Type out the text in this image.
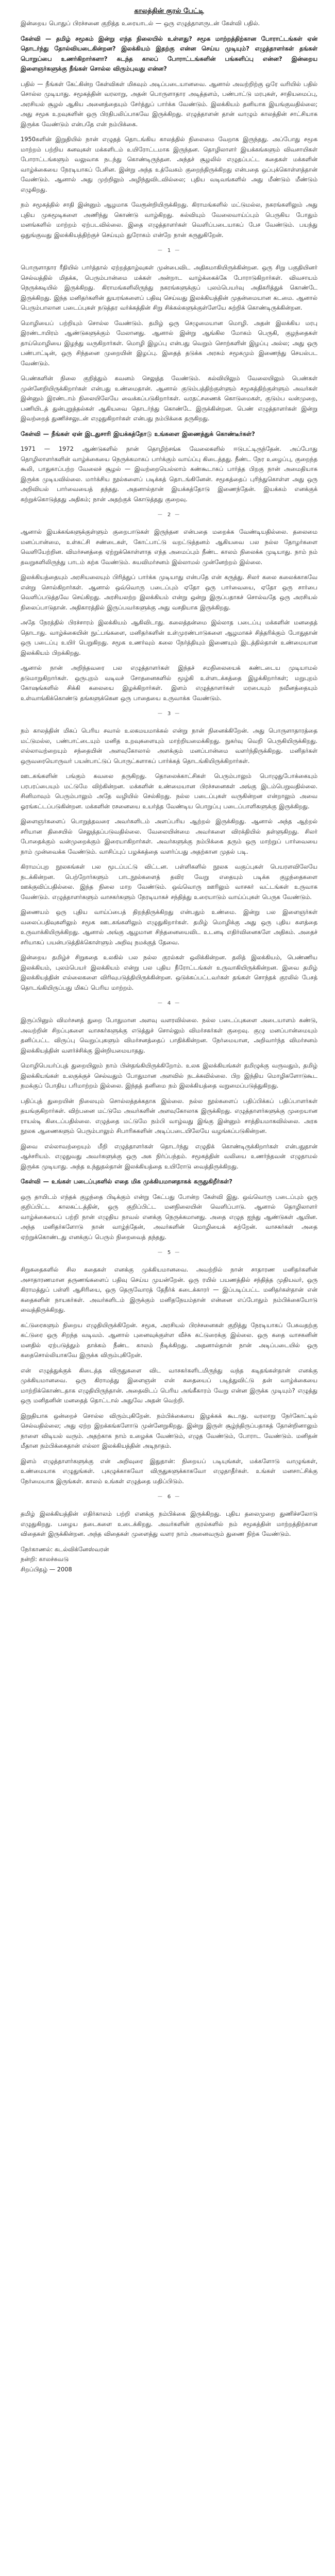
காலத்தின் குரல் பேட்டி

இன்றைய பொதுப் பிரச்சனை குறித்த உரையாடல் — ஒரு எழுத்தாளருடன் கேள்வி பதில்.

கேள்வி — தமிழ் சமூகம் இன்று எந்த நிலையில் உள்ளது? சமூக மாற்றத்திற்கான போராட்டங்கள் ஏன் தொடர்ந்து தோல்வியடைகின்றன? இலக்கியம் இதற்கு என்ன செய்ய முடியும்? எழுத்தாளர்கள் தங்கள் பொறுப்பை உணர்கிறார்களா? கடந்த காலப் போராட்டங்களின் பங்களிப்பு என்ன? இன்றைய இளைஞர்களுக்கு நீங்கள் சொல்ல விரும்புவது என்ன?

பதில் — நீங்கள் கேட்கின்ற கேள்விகள் மிகவும் அடிப்படையானவை. ஆனால் அவற்றிற்கு ஒரே வரியில் பதில் சொல்ல முடியாது. சமூகத்தின் வரலாறு, அதன் பொருளாதார அடித்தளம், பண்பாட்டு மரபுகள், சாதியமைப்பு, அரசியல் சூழல் ஆகிய அனைத்தையும் சேர்த்துப் பார்க்க வேண்டும். இலக்கியம் தனியாக இயங்குவதில்லை; அது சமூக உறவுகளின் ஒரு பிரதிபலிப்பாகவே இருக்கிறது. எழுத்தாளன் தான் வாழும் காலத்தின் சாட்சியாக இருக்க வேண்டும் என்பதே என் நம்பிக்கை.

1950களின் இறுதியில் நான் எழுதத் தொடங்கிய காலத்தில் நிலைமை வேறாக இருந்தது. அப்போது சமூக மாற்றம் பற்றிய கனவுகள் மக்களிடம் உயிரோட்டமாக இருந்தன. தொழிலாளர் இயக்கங்களும் விவசாயிகள் போராட்டங்களும் வலுவாக நடந்து கொண்டிருந்தன. அந்தச் சூழலில் எழுதப்பட்ட கதைகள் மக்களின் வாழ்க்கையை நேரடியாகப் பேசின. இன்று அந்த உத்வேகம் குறைந்திருக்கிறது என்பதை ஒப்புக்கொள்ளத்தான் வேண்டும். ஆனால் அது முற்றிலும் அழிந்துவிடவில்லை; புதிய வடிவங்களில் அது மீண்டும் மீண்டும் எழுகிறது.

நம் சமூகத்தில் சாதி இன்னும் ஆழமாக வேரூன்றியிருக்கிறது. கிராமங்களில் மட்டுமல்ல, நகரங்களிலும் அது புதிய முகமூடிகளை அணிந்து கொண்டு வாழ்கிறது. கல்வியும் வேலைவாய்ப்பும் பெருகிய போதும் மனங்களில் மாற்றம் ஏற்படவில்லை. இதை எழுத்தாளர்கள் வெளிப்படையாகப் பேச வேண்டும். பயந்து ஒதுங்குவது இலக்கியத்திற்குச் செய்யும் துரோகம் என்றே நான் கருதுகிறேன்.

— 1 —

பொருளாதார ரீதியில் பார்த்தால் ஏற்றத்தாழ்வுகள் முன்பைவிட அதிகமாகியிருக்கின்றன. ஒரு சிறு பகுதியினர் செல்வத்தில் மிதக்க, பெரும்பான்மை மக்கள் அன்றாட வாழ்க்கைக்கே போராடுகிறார்கள். விவசாயம் நெருக்கடியில் இருக்கிறது. கிராமங்களிலிருந்து நகரங்களுக்குப் புலம்பெயர்வு அதிகரித்துக் கொண்டே இருக்கிறது. இந்த மனிதர்களின் துயரங்களைப் பதிவு செய்வது இலக்கியத்தின் முதன்மையான கடமை. ஆனால் பெரும்பாலான படைப்புகள் நடுத்தர வர்க்கத்தின் சிறு சிக்கல்களுக்குள்ளேயே சுற்றிக் கொண்டிருக்கின்றன.

மொழியைப் பற்றியும் சொல்ல வேண்டும். தமிழ் ஒரு செழுமையான மொழி. அதன் இலக்கிய மரபு இரண்டாயிரம் ஆண்டுகளுக்கும் மேலானது. ஆனால் இன்று ஆங்கில மோகம் பெருகி, குழந்தைகள் தாய்மொழியை இழந்து வருகிறார்கள். மொழி இழப்பு என்பது வெறும் சொற்களின் இழப்பு அல்ல; அது ஒரு பண்பாட்டின், ஒரு சிந்தனை முறையின் இழப்பு. இதைத் தடுக்க அரசும் சமூகமும் இணைந்து செயல்பட வேண்டும்.

பெண்களின் நிலை குறித்தும் கவனம் செலுத்த வேண்டும். கல்வியிலும் வேலையிலும் பெண்கள் முன்னேறியிருக்கிறார்கள் என்பது உண்மைதான். ஆனால் குடும்பத்திற்குள்ளும் சமூகத்திற்குள்ளும் அவர்கள் இன்னும் இரண்டாம் நிலையிலேயே வைக்கப்படுகிறார்கள். வரதட்சணைக் கொடுமைகள், குடும்ப வன்முறை, பணியிடத் துன்புறுத்தல்கள் ஆகியவை தொடர்ந்து கொண்டே இருக்கின்றன. பெண் எழுத்தாளர்கள் இன்று இவற்றைத் துணிச்சலுடன் எழுதுகிறார்கள் என்பது நம்பிக்கை தருகிறது.

கேள்வி — நீங்கள் ஏன் இடதுசாரி இயக்கத்தோடு உங்களை இணைத்துக் கொண்டீர்கள்?

1971 — 1972 ஆண்டுகளில் நான் தொழிற்சங்க வேலைகளில் ஈடுபட்டிருந்தேன். அப்போது தொழிலாளர்களின் வாழ்க்கையை நெருக்கமாகப் பார்க்கும் வாய்ப்பு கிடைத்தது. நீண்ட நேர உழைப்பு, குறைந்த கூலி, பாதுகாப்பற்ற வேலைச் சூழல் — இவற்றையெல்லாம் கண்கூடாகப் பார்த்த பிறகு நான் அமைதியாக இருக்க முடியவில்லை. மார்க்சிய நூல்களைப் படிக்கத் தொடங்கினேன். சமூகத்தைப் புரிந்துகொள்ள அது ஒரு அறிவியல் பார்வையைத் தந்தது. அதனால்தான் இயக்கத்தோடு இணைந்தேன். இயக்கம் எனக்குக் கற்றுக்கொடுத்தது அதிகம்; நான் அதற்குக் கொடுத்தது குறைவு.

— 2 —

ஆனால் இயக்கங்களுக்குள்ளும் குறைபாடுகள் இருந்தன என்பதை மறைக்க வேண்டியதில்லை. தலைமை மனப்பான்மை, உள்கட்சி சண்டைகள், கோட்பாட்டு வறட்டுத்தனம் ஆகியவை பல நல்ல தோழர்களை வெளியேற்றின. விமர்சனத்தை ஏற்றுக்கொள்ளாத எந்த அமைப்பும் நீண்ட காலம் நிலைக்க முடியாது. நாம் நம் தவறுகளிலிருந்து பாடம் கற்க வேண்டும். சுயவிமர்சனம் இல்லாமல் முன்னேற்றம் இல்லை.

இலக்கியத்தையும் அரசியலையும் பிரித்துப் பார்க்க முடியாது என்பதே என் கருத்து. சிலர் கலை கலைக்காகவே என்று சொல்கிறார்கள். ஆனால் ஒவ்வொரு படைப்பும் ஏதோ ஒரு பார்வையை, ஏதோ ஒரு சார்பை வெளிப்படுத்தவே செய்கிறது. அரசியலற்ற இலக்கியம் என்று ஒன்று இருப்பதாகச் சொல்வதே ஒரு அரசியல் நிலைப்பாடுதான். அதிகாரத்தில் இருப்பவர்களுக்கு அது வசதியாக இருக்கிறது.

அதே நேரத்தில் பிரச்சாரம் இலக்கியம் ஆகிவிடாது. கலைத்தன்மை இல்லாத படைப்பு மக்களின் மனதைத் தொடாது. வாழ்க்கையின் நுட்பங்களை, மனிதர்களின் உள்முரண்பாடுகளை ஆழமாகச் சித்தரிக்கும் போதுதான் ஒரு படைப்பு உயிர் பெறுகிறது. சமூக உணர்வும் கலை நேர்த்தியும் இணையும் இடத்தில்தான் உண்மையான இலக்கியம் பிறக்கிறது.

ஆனால் நான் அறிந்தவரை பல எழுத்தாளர்கள் இந்தச் சமநிலையைக் கண்டடைய முடியாமல் தடுமாறுகிறார்கள். ஒருபுறம் வடிவச் சோதனைகளில் மூழ்கி உள்ளடக்கத்தை இழக்கிறார்கள்; மறுபுறம் கோஷங்களில் சிக்கி கலையை இழக்கிறார்கள். இளம் எழுத்தாளர்கள் மரபையும் நவீனத்தையும் உள்வாங்கிக்கொண்டு தங்களுக்கென ஒரு பாதையை உருவாக்க வேண்டும்.

— 3 —

நம் காலத்தின் மிகப் பெரிய சவால் உலகமயமாக்கல் என்று நான் நினைக்கிறேன். அது பொருளாதாரத்தை மட்டுமல்ல, பண்பாட்டையும் மனித உறவுகளையும் மாற்றியமைக்கிறது. நுகர்வு வெறி பெருகியிருக்கிறது. எல்லாவற்றையும் சந்தையின் அளவுகோலால் அளக்கும் மனப்பான்மை வளர்ந்திருக்கிறது. மனிதர்கள் ஒருவரையொருவர் பயன்பாட்டுப் பொருட்களாகப் பார்க்கத் தொடங்கியிருக்கிறார்கள்.

ஊடகங்களின் பங்கும் கவலை தருகிறது. தொலைக்காட்சிகள் பெரும்பாலும் பொழுதுபோக்கையும் பரபரப்பையும் மட்டுமே விற்கின்றன. மக்களின் உண்மையான பிரச்சனைகள் அங்கு இடம்பெறுவதில்லை. சினிமாவும் பெரும்பாலும் அதே வழியில் செல்கிறது. நல்ல படைப்புகள் வருகின்றன என்றாலும் அவை ஓரங்கட்டப்படுகின்றன. மக்களின் ரசனையை உயர்த்த வேண்டிய பொறுப்பு படைப்பாளிகளுக்கு இருக்கிறது.

இளைஞர்களைப் பொறுத்தவரை அவர்களிடம் அளப்பரிய ஆற்றல் இருக்கிறது. ஆனால் அந்த ஆற்றல் சரியான திசையில் செலுத்தப்படுவதில்லை. வேலையின்மை அவர்களை விரக்தியில் தள்ளுகிறது. சிலர் போதைக்கும் வன்முறைக்கும் இரையாகிறார்கள். அவர்களுக்கு நம்பிக்கை தரும் ஒரு மாற்றுப் பார்வையை நாம் முன்வைக்க வேண்டும். வாசிப்புப் பழக்கத்தை வளர்ப்பது அதற்கான முதல் படி.

கிராமப்புற நூலகங்கள் பல மூடப்பட்டு விட்டன. பள்ளிகளில் நூலக வகுப்புகள் பெயரளவிலேயே நடக்கின்றன. பெற்றோர்களும் பாடநூல்களைத் தவிர வேறு எதையும் படிக்க குழந்தைகளை ஊக்குவிப்பதில்லை. இந்த நிலை மாற வேண்டும். ஒவ்வொரு ஊரிலும் வாசகர் வட்டங்கள் உருவாக வேண்டும். எழுத்தாளர்களும் வாசகர்களும் நேரடியாகச் சந்தித்து உரையாடும் வாய்ப்புகள் பெருக வேண்டும்.

இணையம் ஒரு புதிய வாய்ப்பைத் திறந்திருக்கிறது என்பதும் உண்மை. இன்று பல இளைஞர்கள் வலைப்பதிவுகளிலும் சமூக ஊடகங்களிலும் எழுதுகிறார்கள். தமிழ் மொழிக்கு அது ஒரு புதிய களத்தை உருவாக்கியிருக்கிறது. ஆனால் அங்கு ஆழமான சிந்தனையைவிட உடனடி எதிர்வினைகளே அதிகம். அதைச் சரியாகப் பயன்படுத்திக்கொள்ளும் அறிவு நமக்குத் தேவை.

இன்றைய தமிழ்ச் சிறுகதை உலகில் பல நல்ல குரல்கள் ஒலிக்கின்றன. தலித் இலக்கியம், பெண்ணிய இலக்கியம், புலம்பெயர் இலக்கியம் என்று பல புதிய நீரோட்டங்கள் உருவாகியிருக்கின்றன. இவை தமிழ் இலக்கியத்தின் எல்லைகளை விரிவுபடுத்தியிருக்கின்றன. ஒடுக்கப்பட்டவர்கள் தங்கள் சொந்தக் குரலில் பேசத் தொடங்கியிருப்பது மிகப் பெரிய மாற்றம்.

— 4 —

இருப்பினும் விமர்சனத் துறை போதுமான அளவு வளரவில்லை. நல்ல படைப்புகளை அடையாளம் கண்டு, அவற்றின் சிறப்புகளை வாசகர்களுக்கு எடுத்துச் சொல்லும் விமர்சகர்கள் குறைவு. குழு மனப்பான்மையும் தனிப்பட்ட விருப்பு வெறுப்புகளும் விமர்சனத்தைப் பாதிக்கின்றன. நேர்மையான, அறிவார்ந்த விமர்சனம் இலக்கியத்தின் வளர்ச்சிக்கு இன்றியமையாதது.

மொழிபெயர்ப்புத் துறையிலும் நாம் பின்தங்கியிருக்கிறோம். உலக இலக்கியங்கள் தமிழுக்கு வருவதும், தமிழ் இலக்கியங்கள் உலகுக்குச் செல்வதும் போதுமான அளவில் நடக்கவில்லை. பிற இந்திய மொழிகளோடுகூட நமக்குப் போதிய பரிமாற்றம் இல்லை. இந்தத் தனிமை நம் இலக்கியத்தை வறுமைப்படுத்துகிறது.

பதிப்புத் துறையின் நிலையும் சொல்லத்தக்கதாக இல்லை. நல்ல நூல்களைப் பதிப்பிக்கப் பதிப்பாளர்கள் தயங்குகிறார்கள். விற்பனை மட்டுமே அவர்களின் அளவுகோலாக இருக்கிறது. எழுத்தாளர்களுக்கு முறையான ராயல்டி கிடைப்பதில்லை. எழுத்தை மட்டுமே நம்பி வாழ்வது இங்கு இன்னும் சாத்தியமாகவில்லை. அரசு நூலக ஆணைகளும் பெரும்பாலும் சிபாரிசுகளின் அடிப்படையிலேயே வழங்கப்படுகின்றன.

இவை எல்லாவற்றையும் மீறி எழுத்தாளர்கள் தொடர்ந்து எழுதிக் கொண்டிருக்கிறார்கள் என்பதுதான் ஆச்சரியம். எழுதுவது அவர்களுக்கு ஒரு அக நிர்ப்பந்தம். சமூகத்தின் வலியை உணர்ந்தவன் எழுதாமல் இருக்க முடியாது. அந்த உந்துதல்தான் இலக்கியத்தை உயிரோடு வைத்திருக்கிறது.

கேள்வி — உங்கள் படைப்புகளில் எதை மிக முக்கியமானதாகக் கருதுகிறீர்கள்?

ஒரு தாயிடம் எந்தக் குழந்தை பிடிக்கும் என்று கேட்பது போன்ற கேள்வி இது. ஒவ்வொரு படைப்பும் ஒரு குறிப்பிட்ட காலகட்டத்தின், ஒரு குறிப்பிட்ட மனநிலையின் வெளிப்பாடு. ஆனால் தொழிலாளர் வாழ்க்கையைப் பற்றி நான் எழுதிய நாவல் எனக்கு நெருக்கமானது. அதை எழுத ஐந்து ஆண்டுகள் ஆயின. அந்த மனிதர்களோடு நான் வாழ்ந்தேன், அவர்களின் மொழியைக் கற்றேன். வாசகர்கள் அதை ஏற்றுக்கொண்டது எனக்குப் பெரும் நிறைவைத் தந்தது.

— 5 —

சிறுகதைகளில் சில கதைகள் எனக்கு முக்கியமானவை. அவற்றில் நான் சாதாரண மனிதர்களின் அசாதாரணமான தருணங்களைப் பதிவு செய்ய முயன்றேன். ஒரு ரயில் பயணத்தில் சந்தித்த முதியவர், ஒரு கிராமத்துப் பள்ளி ஆசிரியை, ஒரு தெருவோரத் தேநீர்க் கடைக்காரர் — இப்படிப்பட்ட மனிதர்கள்தான் என் கதைகளின் நாயகர்கள். அவர்களிடம் இருக்கும் மனிதநேயம்தான் என்னை எப்போதும் நம்பிக்கையோடு வைத்திருக்கிறது.

கட்டுரைகளும் நிறைய எழுதியிருக்கிறேன். சமூக, அரசியல் பிரச்சனைகள் குறித்து நேரடியாகப் பேசுவதற்கு கட்டுரை ஒரு சிறந்த வடிவம். ஆனால் புனைவுக்குள்ள வீச்சு கட்டுரைக்கு இல்லை. ஒரு கதை வாசகனின் மனதில் ஏற்படுத்தும் தாக்கம் நீண்ட காலம் நீடிக்கிறது. அதனால்தான் நான் அடிப்படையில் ஒரு கதைசொல்லியாகவே இருக்க விரும்புகிறேன்.

என் எழுத்துக்குக் கிடைத்த விருதுகளை விட வாசகர்களிடமிருந்து வந்த கடிதங்கள்தான் எனக்கு முக்கியமானவை. ஒரு கிராமத்து இளைஞன் என் கதையைப் படித்துவிட்டு தன் வாழ்க்கையை மாற்றிக்கொண்டதாக எழுதியிருந்தான். அதைவிடப் பெரிய அங்கீகாரம் வேறு என்ன இருக்க முடியும்? எழுத்து ஒரு மனிதனின் மனதைத் தொட்டால் அதுவே அதன் வெற்றி.

இறுதியாக ஒன்றைச் சொல்ல விரும்புகிறேன். நம்பிக்கையை இழக்கக் கூடாது. வரலாறு நேர்கோட்டில் செல்வதில்லை; அது ஏற்ற இறக்கங்களோடு முன்னேறுகிறது. இன்று இருள் சூழ்ந்திருப்பதாகத் தோன்றினாலும் நாளை விடியல் வரும். அதற்காக நாம் உழைக்க வேண்டும், எழுத வேண்டும், போராட வேண்டும். மனிதன் மீதான நம்பிக்கைதான் எல்லா இலக்கியத்தின் அடிநாதம்.

இளம் எழுத்தாளர்களுக்கு என் அறிவுரை இதுதான்: நிறையப் படியுங்கள், மக்களோடு வாழுங்கள், உண்மையாக எழுதுங்கள். புகழுக்காகவோ விருதுகளுக்காகவோ எழுதாதீர்கள். உங்கள் மனசாட்சிக்கு நேர்மையாக இருங்கள். காலம் உங்கள் எழுத்தை மதிப்பிடும்.

— 6 —

தமிழ் இலக்கியத்தின் எதிர்காலம் பற்றி எனக்கு நம்பிக்கை இருக்கிறது. புதிய தலைமுறை துணிச்சலோடு எழுதுகிறது. பழைய தடைகளை உடைக்கிறது. அவர்களின் குரல்களில் நம் சமூகத்தின் மாற்றத்திற்கான விதைகள் இருக்கின்றன. அந்த விதைகள் முளைத்து வளர நாம் அனைவரும் துணை நிற்க வேண்டும்.

நேர்காணல்: கடல்விக்னேஸ்வரன்
நன்றி: காலச்சுவடு
சிறப்பிதழ் — 2008
